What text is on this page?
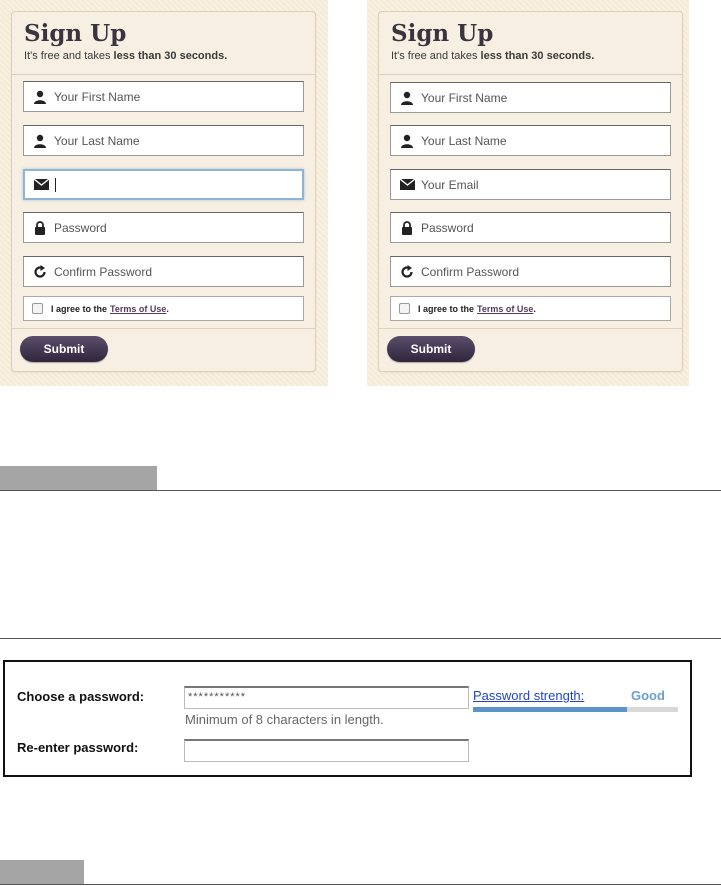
Sign Up
It's free and takes less than 30 seconds.
Your First Name
Your Last Name
Password
Confirm Password
I agree to the Terms of Use .
Submit
Sign Up
It's free and takes less than 30 seconds.
Your First Name
Your Last Name
Your Email
Password
Confirm Password
I agree to the Terms of Use .
Submit
Choose a password:	***********	Password strength:	Good
Minimum of 8 characters in length.
Re-enter password:
